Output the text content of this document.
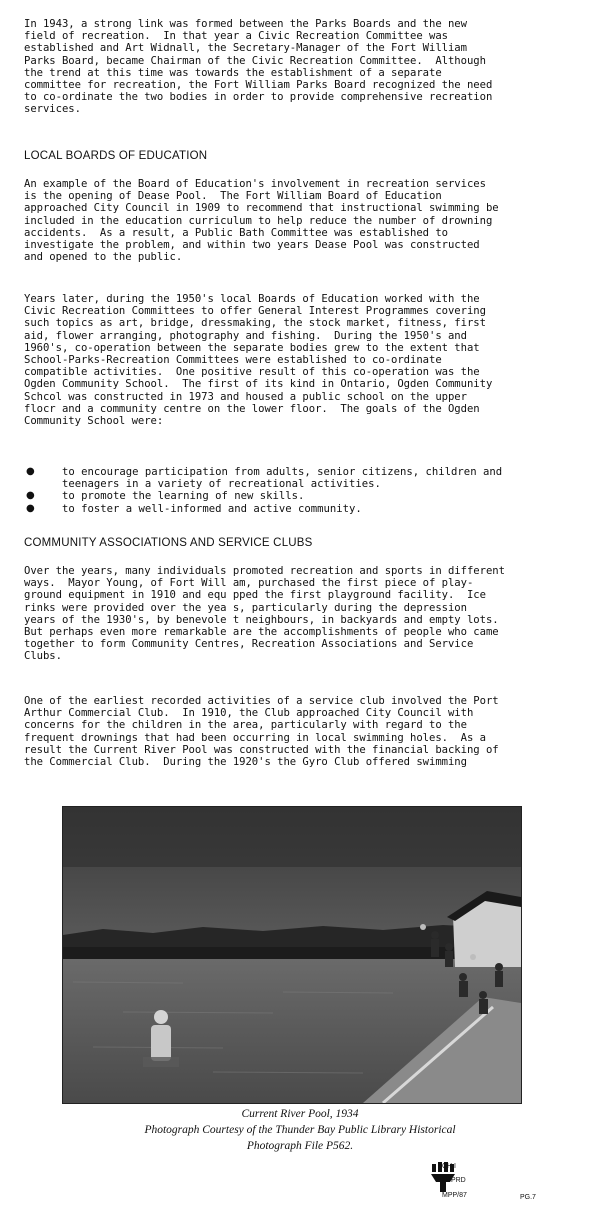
In 1943, a strong link was formed between the Parks Boards and the new
field of recreation.  In that year a Civic Recreation Committee was
established and Art Widnall, the Secretary-Manager of the Fort William
Parks Board, became Chairman of the Civic Recreation Committee.  Although
the trend at this time was towards the establishment of a separate
committee for recreation, the Fort William Parks Board recognized the need
to co-ordinate the two bodies in order to provide comprehensive recreation
services.
LOCAL BOARDS OF EDUCATION
An example of the Board of Education's involvement in recreation services
is the opening of Dease Pool.  The Fort William Board of Education
approached City Council in 1909 to recommend that instructional swimming be
included in the education curriculum to help reduce the number of drowning
accidents.  As a result, a Public Bath Committee was established to
investigate the problem, and within two years Dease Pool was constructed
and opened to the public.
Years later, during the 1950's local Boards of Education worked with the
Civic Recreation Committees to offer General Interest Programmes covering
such topics as art, bridge, dressmaking, the stock market, fitness, first
aid, flower arranging, photography and fishing.  During the 1950's and
1960's, co-operation between the separate bodies grew to the extent that
School-Parks-Recreation Committees were established to co-ordinate
compatible activities.  One positive result of this co-operation was the
Ogden Community School.  The first of its kind in Ontario, Ogden Community
Schcol was constructed in 1973 and housed a public school on the upper
flocr and a community centre on the lower floor.  The goals of the Ogden
Community School were:
●	to encourage participation from adults, senior citizens, children and
teenagers in a variety of recreational activities.
●	to promote the learning of new skills.
●	to foster a well-informed and active community.
COMMUNITY ASSOCIATIONS AND SERVICE CLUBS
Over the years, many individuals promoted recreation and sports in different
ways.  Mayor Young, of Fort Will am, purchased the first piece of play-
ground equipment in 1910 and equ pped the first playground facility.  Ice
rinks were provided over the yea s, particularly during the depression
years of the 1930's, by benevole t neighbours, in backyards and empty lots.
But perhaps even more remarkable are the accomplishments of people who came
together to form Community Centres, Recreation Associations and Service
Clubs.
One of the earliest recorded activities of a service club involved the Port
Arthur Commercial Club.  In 1910, the Club approached City Council with
concerns for the children in the area, particularly with regard to the
frequent drownings that had been occurring in local swimming holes.  As a
result the Current River Pool was constructed with the financial backing of
the Commercial Club.  During the 1920's the Gyro Club offered swimming
Current River Pool, 1934
Photograph Courtesy of the Thunder Bay Public Library Historical
Photograph File P562.
CH.I
TBPRD
MPP/87	PG.7
